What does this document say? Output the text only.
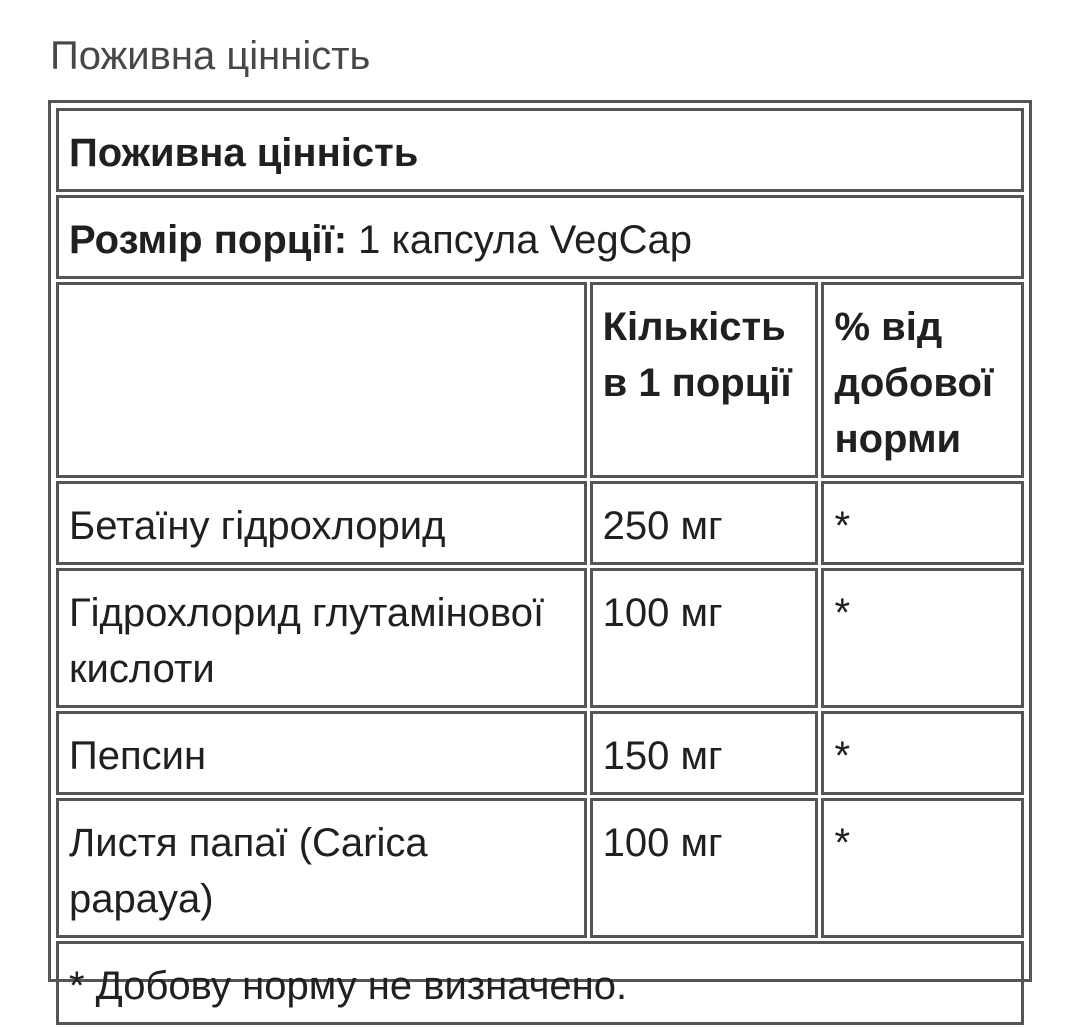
Поживна цінність
Поживна цінність		
Розмір порції: 1 капсула VegCap		
	Кількість в 1 порції	% від добової норми
Бетаїну гідрохлорид	250 мг	*
Гідрохлорид глутамінової кислоти	100 мг	*
Пепсин	150 мг	*
Листя папаї (Carica papaya)	100 мг	*
* Добову норму не визначено.		
